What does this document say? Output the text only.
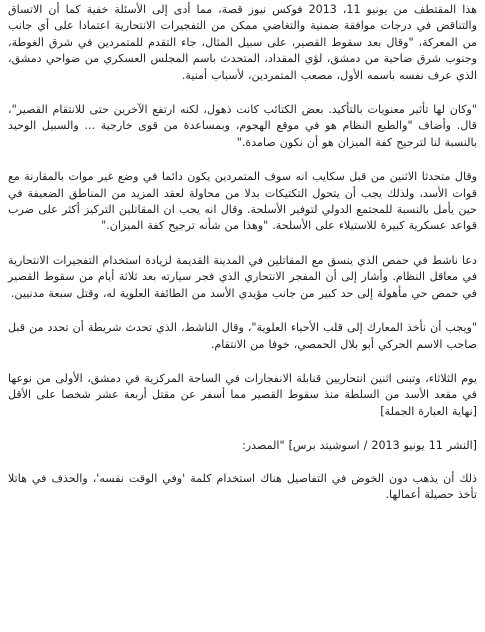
هذا المقتطف من يونيو 11، 2013 فوكس نيوز قصة، مما أدى إلى الأسئلة خفية كما أن الاتساق والتناقض في درجات موافقة ضمنية والتغاضي ممكن من التفجيرات الانتحارية اعتمادا على أي جانب من المعركة، "وقال بعد سقوط القصير، على سبيل المثال، جاء التقدم للمتمردين في شرق الغوطة، وجنوب شرق ضاحية من دمشق، لؤي المقداد، المتحدث باسم المجلس العسكري من ضواحي دمشق، الذي عرف نفسه باسمه الأول، مصعب المتمردين، لأسباب أمنية.

"وكان لها تأثير معنويات بالتأكيد. بعض الكتائب كانت ذهول، لكنه ارتفع الآخرين حتى للانتقام القصير"، قال. وأضاف "والطبع النظام هو في موقع الهجوم، وبمساعدة من قوى خارجية ... والسبيل الوحيد بالنسبة لنا لترجيح كفة الميزان هو أن نكون صامدة."

وقال متحدثا الاثنين من قبل سكايب انه سوف المتمردين يكون دائما في وضع غير موات بالمقارنة مع قوات الأسد، ولذلك يجب أن يتحول التكتيكات بدلا من محاولة لعقد المزيد من المناطق الضعيفة في حين يأمل بالنسبة للمجتمع الدولي لتوفير الأسلحة. وقال انه يجب ان المقاتلين التركيز أكثر على ضرب قواعد عسكرية كبيرة للاستيلاء على الأسلحة. "وهذا من شأنه ترجيح كفة الميزان."

دعا ناشط في حمص الذي ينسق مع المقاتلين في المدينة القديمة لزيادة استخدام التفجيرات الانتحارية في معاقل النظام. وأشار إلى أن المفجر الانتحاري الذي فجر سيارته بعد ثلاثة أيام من سقوط القصير في حمص حي مأهولة إلى حد كبير من جانب مؤيدي الأسد من الطائفة العلوية له، وقتل سبعة مدنيين.

"ويجب أن نأخذ المعارك إلى قلب الأحياء العلوية"، وقال الناشط، الذي تحدث شريطة أن تحدد من قبل صاحب الاسم الحركي أبو بلال الحمصي، خوفا من الانتقام.

يوم الثلاثاء، وتبنى اثنين انتحاريين قنابلة الانفجارات في الساحة المركزية في دمشق، الأولى من نوعها في مقعد الأسد من السلطة منذ سقوط القصير مما أسفر عن مقتل أربعة عشر شخصا على الأقل [نهاية العبارة الجملة]

[النشر 11 يونيو 2013 / اسوشيتد برس] "المصدر:

ذلك أن يذهب دون الخوض في التفاصيل هناك استخدام كلمة 'وفي الوقت نفسه'، والحذف في هاتلا تأخذ حصيلة أعمالها.
